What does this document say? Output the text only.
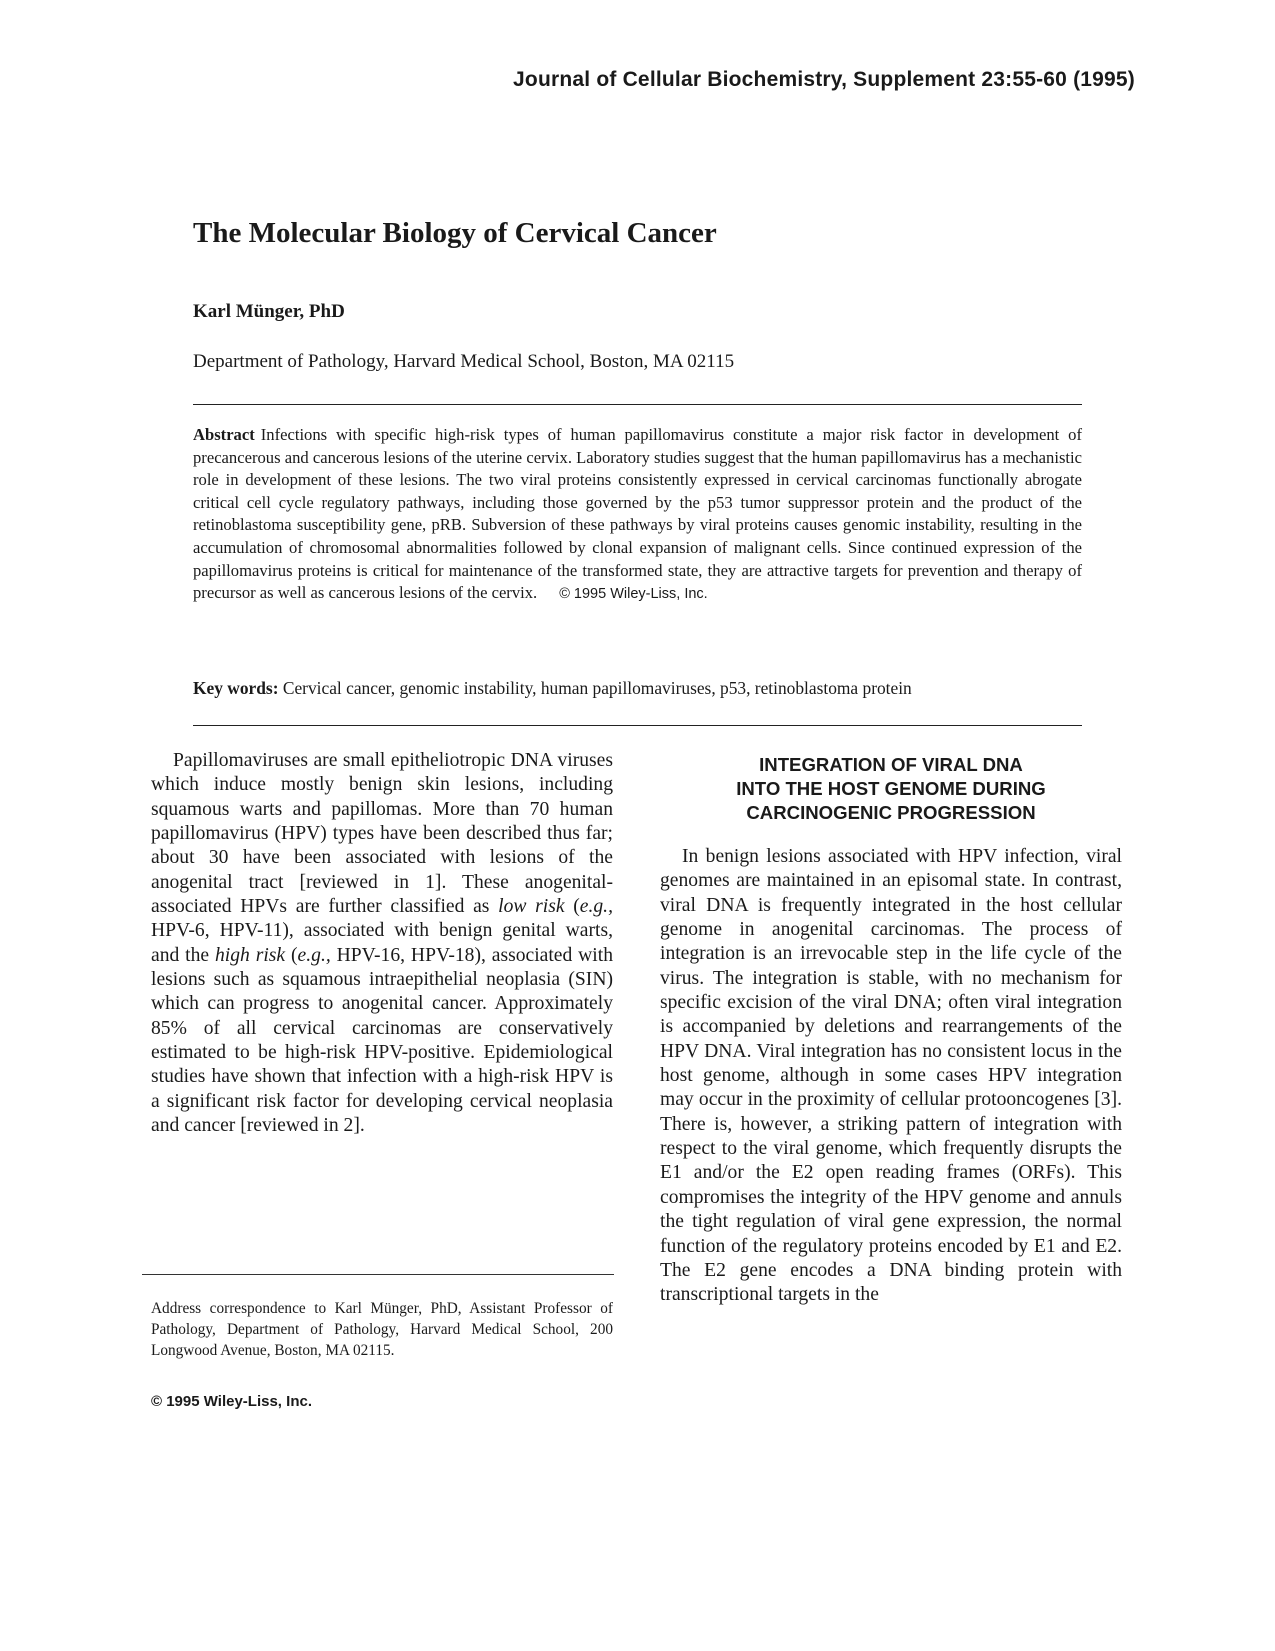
Journal of Cellular Biochemistry, Supplement 23:55-60 (1995)
The Molecular Biology of Cervical Cancer
Karl Münger, PhD
Department of Pathology, Harvard Medical School, Boston, MA 02115

Abstract Infections with specific high-risk types of human papillomavirus constitute a major risk factor in development of precancerous and cancerous lesions of the uterine cervix. Laboratory studies suggest that the human papillomavirus has a mechanistic role in development of these lesions. The two viral proteins consistently expressed in cervical carcinomas functionally abrogate critical cell cycle regulatory pathways, including those governed by the p53 tumor suppressor protein and the product of the retinoblastoma susceptibility gene, pRB. Subversion of these pathways by viral proteins causes genomic instability, resulting in the accumulation of chromosomal abnormalities followed by clonal expansion of malignant cells. Since continued expression of the papillomavirus proteins is critical for maintenance of the transformed state, they are attractive targets for prevention and therapy of precursor as well as cancerous lesions of the cervix. © 1995 Wiley-Liss, Inc.

Key words: Cervical cancer, genomic instability, human papillomaviruses, p53, retinoblastoma protein

Papillomaviruses are small epitheliotropic DNA viruses which induce mostly benign skin lesions, including squamous warts and papillomas. More than 70 human papillomavirus (HPV) types have been described thus far; about 30 have been associated with lesions of the anogenital tract [reviewed in 1]. These anogenital-associated HPVs are further classified as low risk (e.g., HPV-6, HPV-11), associated with benign genital warts, and the high risk (e.g., HPV-16, HPV-18), associated with lesions such as squamous intraepithelial neoplasia (SIN) which can progress to anogenital cancer. Approximately 85% of all cervical carcinomas are conservatively estimated to be high-risk HPV-positive. Epidemiological studies have shown that infection with a high-risk HPV is a significant risk factor for developing cervical neoplasia and cancer [reviewed in 2].

Address correspondence to Karl Münger, PhD, Assistant Professor of Pathology, Department of Pathology, Harvard Medical School, 200 Longwood Avenue, Boston, MA 02115.

© 1995 Wiley-Liss, Inc.
INTEGRATION OF VIRAL DNA
INTO THE HOST GENOME DURING
CARCINOGENIC PROGRESSION

In benign lesions associated with HPV infection, viral genomes are maintained in an episomal state. In contrast, viral DNA is frequently integrated in the host cellular genome in anogenital carcinomas. The process of integration is an irrevocable step in the life cycle of the virus. The integration is stable, with no mechanism for specific excision of the viral DNA; often viral integration is accompanied by deletions and rearrangements of the HPV DNA. Viral integration has no consistent locus in the host genome, although in some cases HPV integration may occur in the proximity of cellular protooncogenes [3]. There is, however, a striking pattern of integration with respect to the viral genome, which frequently disrupts the E1 and/or the E2 open reading frames (ORFs). This compromises the integrity of the HPV genome and annuls the tight regulation of viral gene expression, the normal function of the regulatory proteins encoded by E1 and E2. The E2 gene encodes a DNA binding protein with transcriptional targets in the
